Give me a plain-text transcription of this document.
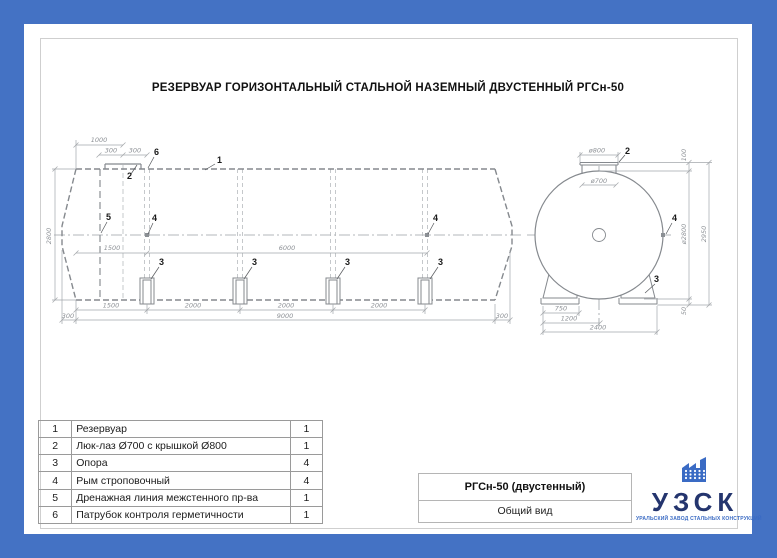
РЕЗЕРВУАР ГОРИЗОНТАЛЬНЫЙ СТАЛЬНОЙ НАЗЕМНЫЙ ДВУСТЕННЫЙ РГСн-50
1000
300 300
2800
1500	6000
1500	2000	2000	2000
300	9000	300
1
2
6
5	4	4
3	3	3	3
ø800
ø700
100
ø2800 2950
50
750
1200
2400
2
4
3
1	Резервуар	1
2	Люк-лаз Ø700 с крышкой Ø800	1
3	Опора	4
4	Рым строповочный	4
5	Дренажная линия межстенного пр-ва	1
6	Патрубок контроля герметичности	1
РГСн-50 (двустенный)
Общий вид	УЗСК
УРАЛЬСКИЙ ЗАВОД СТАЛЬНЫХ КОНСТРУКЦИЙ
